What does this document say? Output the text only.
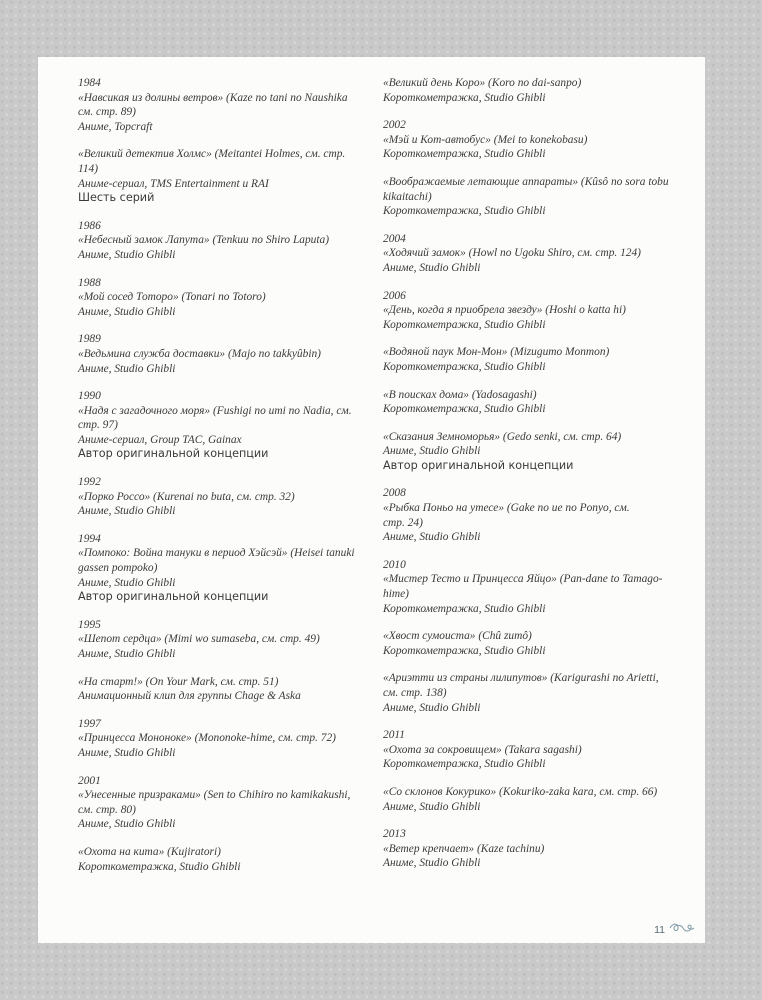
1984
«Навсикая из долины ветров» (Kaze no tani no Naushika
см. стр. 89)
Аниме, Topcraft
«Великий детектив Холмс» (Meitantei Holmes, см. стр.
114)
Аниме-сериал, TMS Entertainment и RAI
Шесть серий
1986
«Небесный замок Лапута» (Tenkuu no Shiro Laputa)
Аниме, Studio Ghibli
1988
«Мой сосед Тоторо» (Tonari no Totoro)
Аниме, Studio Ghibli
1989
«Ведьмина служба доставки» (Majo no takkyûbin)
Аниме, Studio Ghibli
1990
«Надя с загадочного моря» (Fushigi no umi no Nadia, см.
стр. 97)
Аниме-сериал, Group TAC, Gainax
Автор оригинальной концепции
1992
«Порко Россо» (Kurenai no buta, см. стр. 32)
Аниме, Studio Ghibli
1994
«Помпоко: Война тануки в период Хэйсэй» (Heisei tanuki
gassen pompoko)
Аниме, Studio Ghibli
Автор оригинальной концепции
1995
«Шепот сердца» (Mimi wo sumaseba, см. стр. 49)
Аниме, Studio Ghibli
«На старт!» (On Your Mark, см. стр. 51)
Анимационный клип для группы Chage & Aska
1997
«Принцесса Мононоке» (Mononoke-hime, см. стр. 72)
Аниме, Studio Ghibli
2001
«Унесенные призраками» (Sen to Chihiro no kamikakushi,
см. стр. 80)
Аниме, Studio Ghibli
«Охота на кита» (Kujiratori)
Короткометражка, Studio Ghibli
«Великий день Коро» (Koro no dai-sanpo)
Короткометражка, Studio Ghibli
2002
«Мэй и Кот-автобус» (Mei to konekobasu)
Короткометражка, Studio Ghibli
«Воображаемые летающие аппараты» (Kûsô no sora tobu
kikaitachi)
Короткометражка, Studio Ghibli
2004
«Ходячий замок» (Howl no Ugoku Shiro, см. стр. 124)
Аниме, Studio Ghibli
2006
«День, когда я приобрела звезду» (Hoshi o katta hi)
Короткометражка, Studio Ghibli
«Водяной паук Мон-Мон» (Mizugumo Monmon)
Короткометражка, Studio Ghibli
«В поисках дома» (Yadosagashi)
Короткометражка, Studio Ghibli
«Сказания Земноморья» (Gedo senki, см. стр. 64)
Аниме, Studio Ghibli
Автор оригинальной концепции
2008
«Рыбка Поньо на утесе» (Gake no ue no Ponyo, см.
стр. 24)
Аниме, Studio Ghibli
2010
«Мистер Тесто и Принцесса Яйцо» (Pan-dane to Tamago-
hime)
Короткометражка, Studio Ghibli
«Хвост сумоиста» (Chû zumô)
Короткометражка, Studio Ghibli
«Ариэтти из страны лилипутов» (Karigurashi no Arietti,
см. стр. 138)
Аниме, Studio Ghibli
2011
«Охота за сокровищем» (Takara sagashi)
Короткометражка, Studio Ghibli
«Со склонов Кокурико» (Kokuriko-zaka kara, см. стр. 66)
Аниме, Studio Ghibli
2013
«Ветер крепчает» (Kaze tachinu)
Аниме, Studio Ghibli
11
